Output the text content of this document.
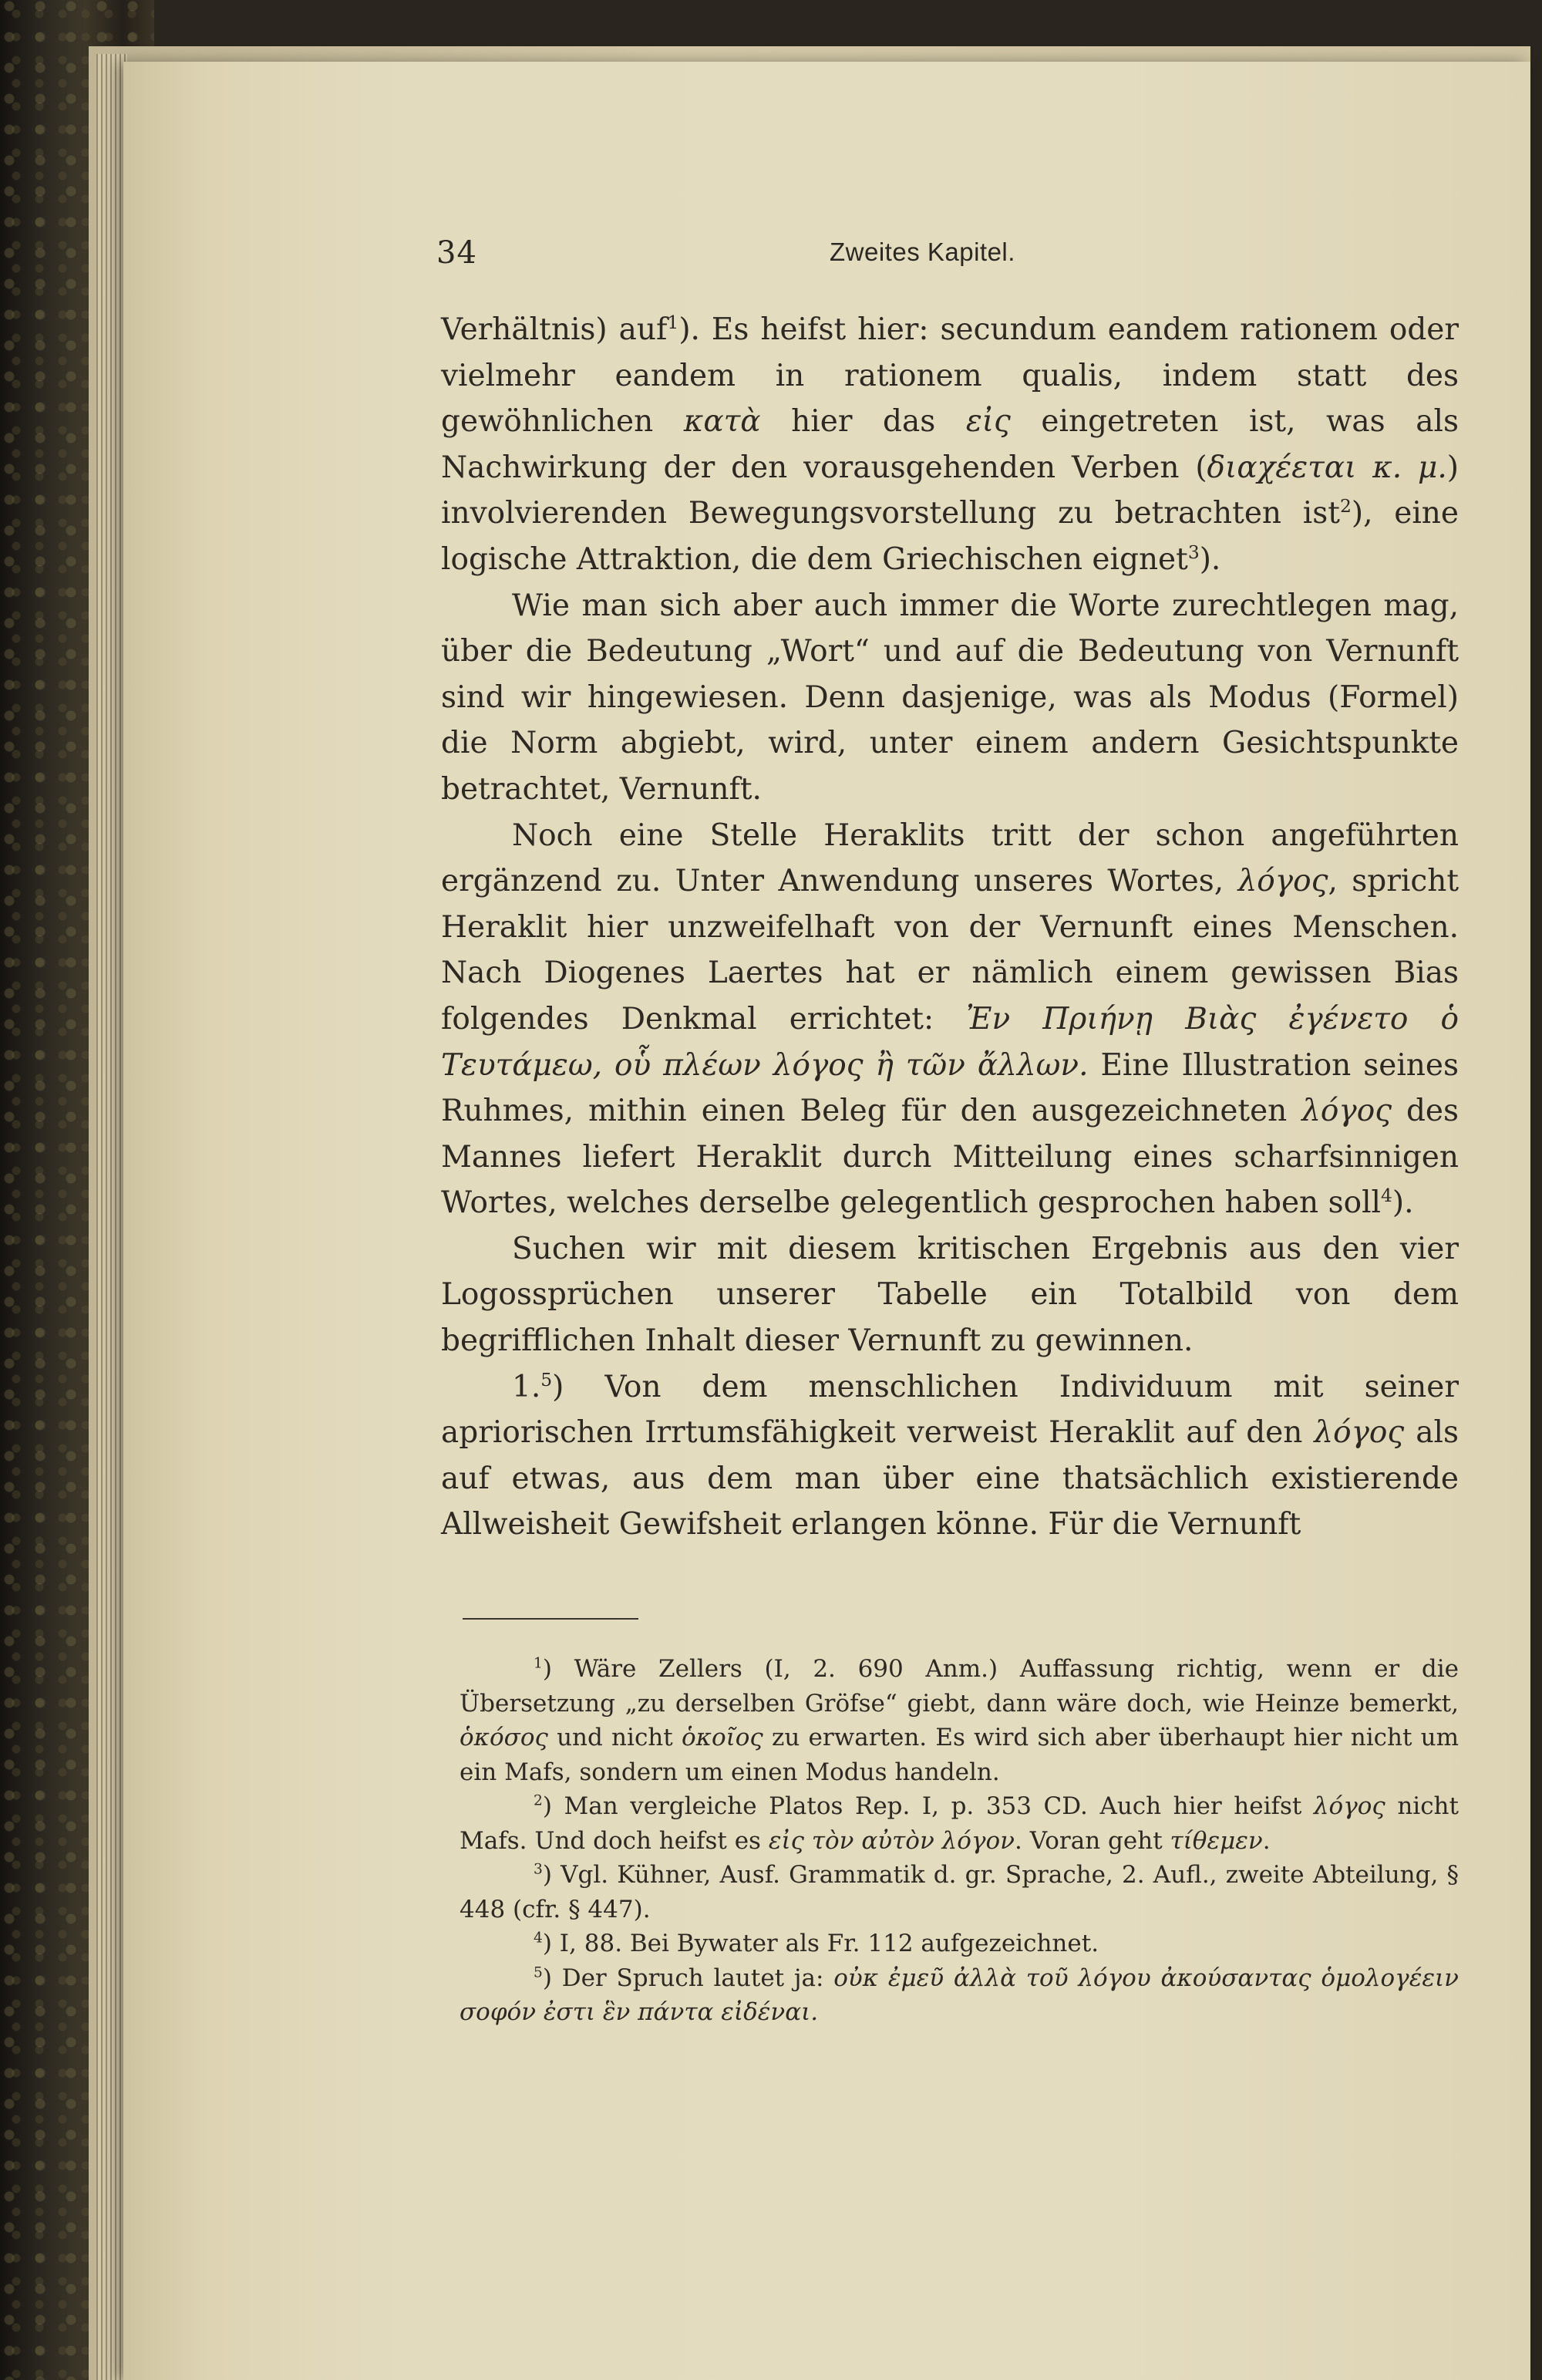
34	Zweites Kapitel.

Verhältnis) auf$^1$). Es heifst hier: secundum eandem rationem oder vielmehr eandem in rationem qualis, indem statt des gewöhnlichen κατὰ hier das εἰς eingetreten ist, was als Nachwirkung der den vorausgehenden Verben (διαχέεται κ. μ.) involvierenden Bewegungsvorstellung zu betrachten ist$^2$), eine logische Attraktion, die dem Griechischen eignet$^3$).

Wie man sich aber auch immer die Worte zurechtlegen mag, über die Bedeutung „Wort“ und auf die Bedeutung von Vernunft sind wir hingewiesen. Denn dasjenige, was als Modus (Formel) die Norm abgiebt, wird, unter einem andern Gesichtspunkte betrachtet, Vernunft.

Noch eine Stelle Heraklits tritt der schon angeführten ergänzend zu. Unter Anwendung unseres Wortes, λόγος, spricht Heraklit hier unzweifelhaft von der Vernunft eines Menschen. Nach Diogenes Laertes hat er nämlich einem gewissen Bias folgendes Denkmal errichtet: Ἐν Πριήνῃ Βιὰς ἐγένετο ὁ Τευτάμεω, οὗ πλέων λόγος ἢ τῶν ἄλλων. Eine Illustration seines Ruhmes, mithin einen Beleg für den ausgezeichneten λόγος des Mannes liefert Heraklit durch Mitteilung eines scharfsinnigen Wortes, welches derselbe gelegentlich gesprochen haben soll$^4$).

Suchen wir mit diesem kritischen Ergebnis aus den vier Logossprüchen unserer Tabelle ein Totalbild von dem begrifflichen Inhalt dieser Vernunft zu gewinnen.

1.$^5$) Von dem menschlichen Individuum mit seiner apriorischen Irrtumsfähigkeit verweist Heraklit auf den λόγος als auf etwas, aus dem man über eine thatsächlich existierende Allweisheit Gewifsheit erlangen könne. Für die Vernunft

$^1$) Wäre Zellers (I, 2. 690 Anm.) Auffassung richtig, wenn er die Übersetzung „zu derselben Gröfse“ giebt, dann wäre doch, wie Heinze bemerkt, ὁκόσος und nicht ὁκοῖος zu erwarten. Es wird sich aber überhaupt hier nicht um ein Mafs, sondern um einen Modus handeln.

$^2$) Man vergleiche Platos Rep. I, p. 353 CD. Auch hier heifst λόγος nicht Mafs. Und doch heifst es εἰς τὸν αὐτὸν λόγον. Voran geht τίθεμεν.

$^3$) Vgl. Kühner, Ausf. Grammatik d. gr. Sprache, 2. Aufl., zweite Abteilung, § 448 (cfr. § 447).

$^4$) I, 88. Bei Bywater als Fr. 112 aufgezeichnet.

$^5$) Der Spruch lautet ja: οὐκ ἐμεῦ ἀλλὰ τοῦ λόγου ἀκούσαντας ὁμολογέειν σοφόν ἐστι ἓν πάντα εἰδέναι.
